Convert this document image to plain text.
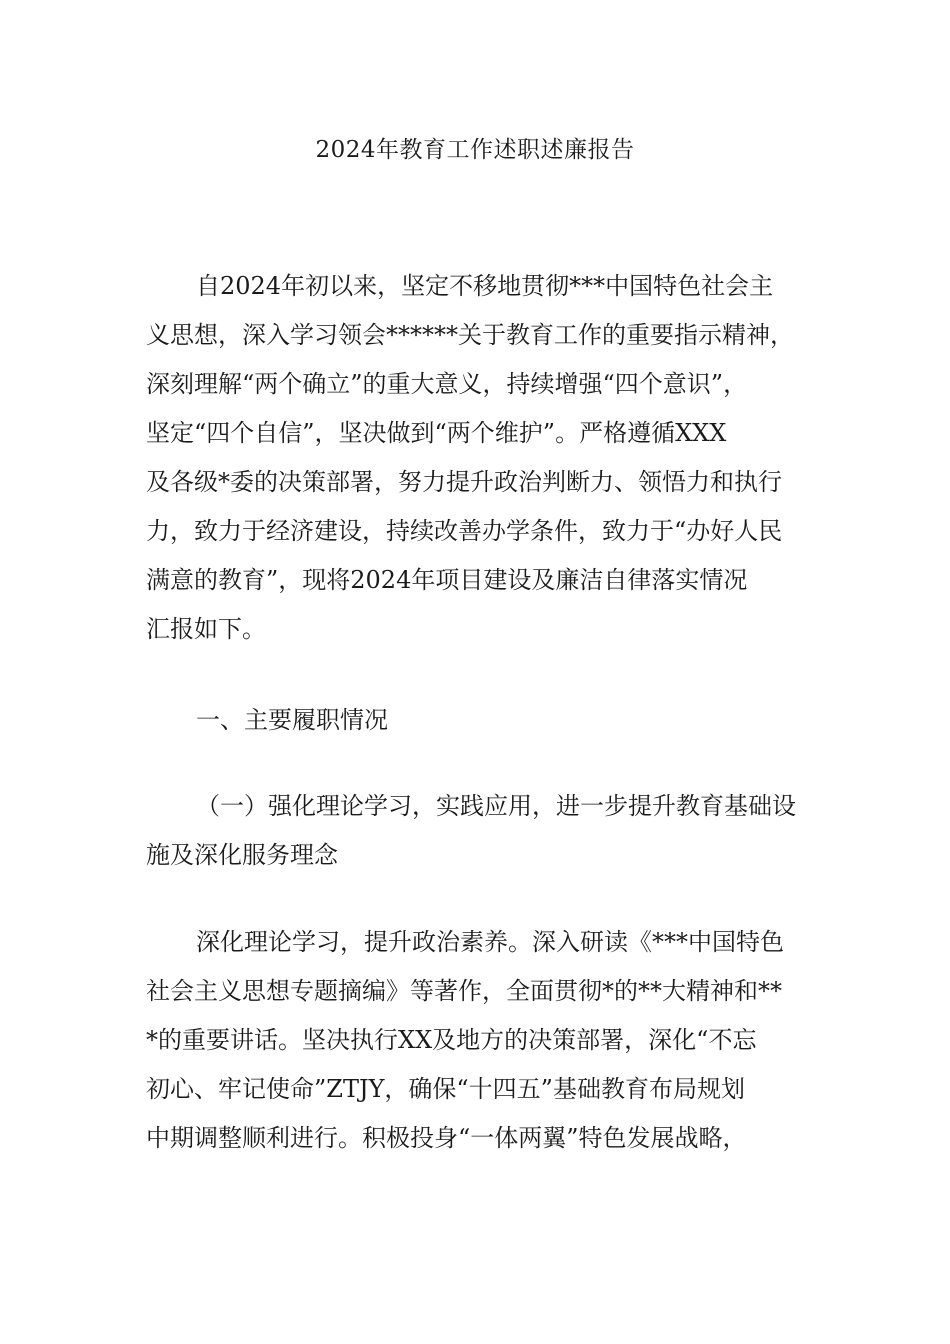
2024年教育工作述职述廉报告
自2024年初以来，坚定不移地贯彻***中国特色社会主
义思想，深入学习领会******关于教育工作的重要指示精神，
深刻理解“两个确立”的重大意义，持续增强“四个意识”，
坚定“四个自信”，坚决做到“两个维护”。严格遵循XXX
及各级*委的决策部署，努力提升政治判断力、领悟力和执行
力，致力于经济建设，持续改善办学条件，致力于“办好人民
满意的教育”，现将2024年项目建设及廉洁自律落实情况
汇报如下。
一、主要履职情况
（一）强化理论学习，实践应用，进一步提升教育基础设
施及深化服务理念
深化理论学习，提升政治素养。深入研读《***中国特色
社会主义思想专题摘编》等著作，全面贯彻*的**大精神和**
*的重要讲话。坚决执行XX及地方的决策部署，深化“不忘
初心、牢记使命”ZTJY，确保“十四五”基础教育布局规划
中期调整顺利进行。积极投身“一体两翼”特色发展战略，
